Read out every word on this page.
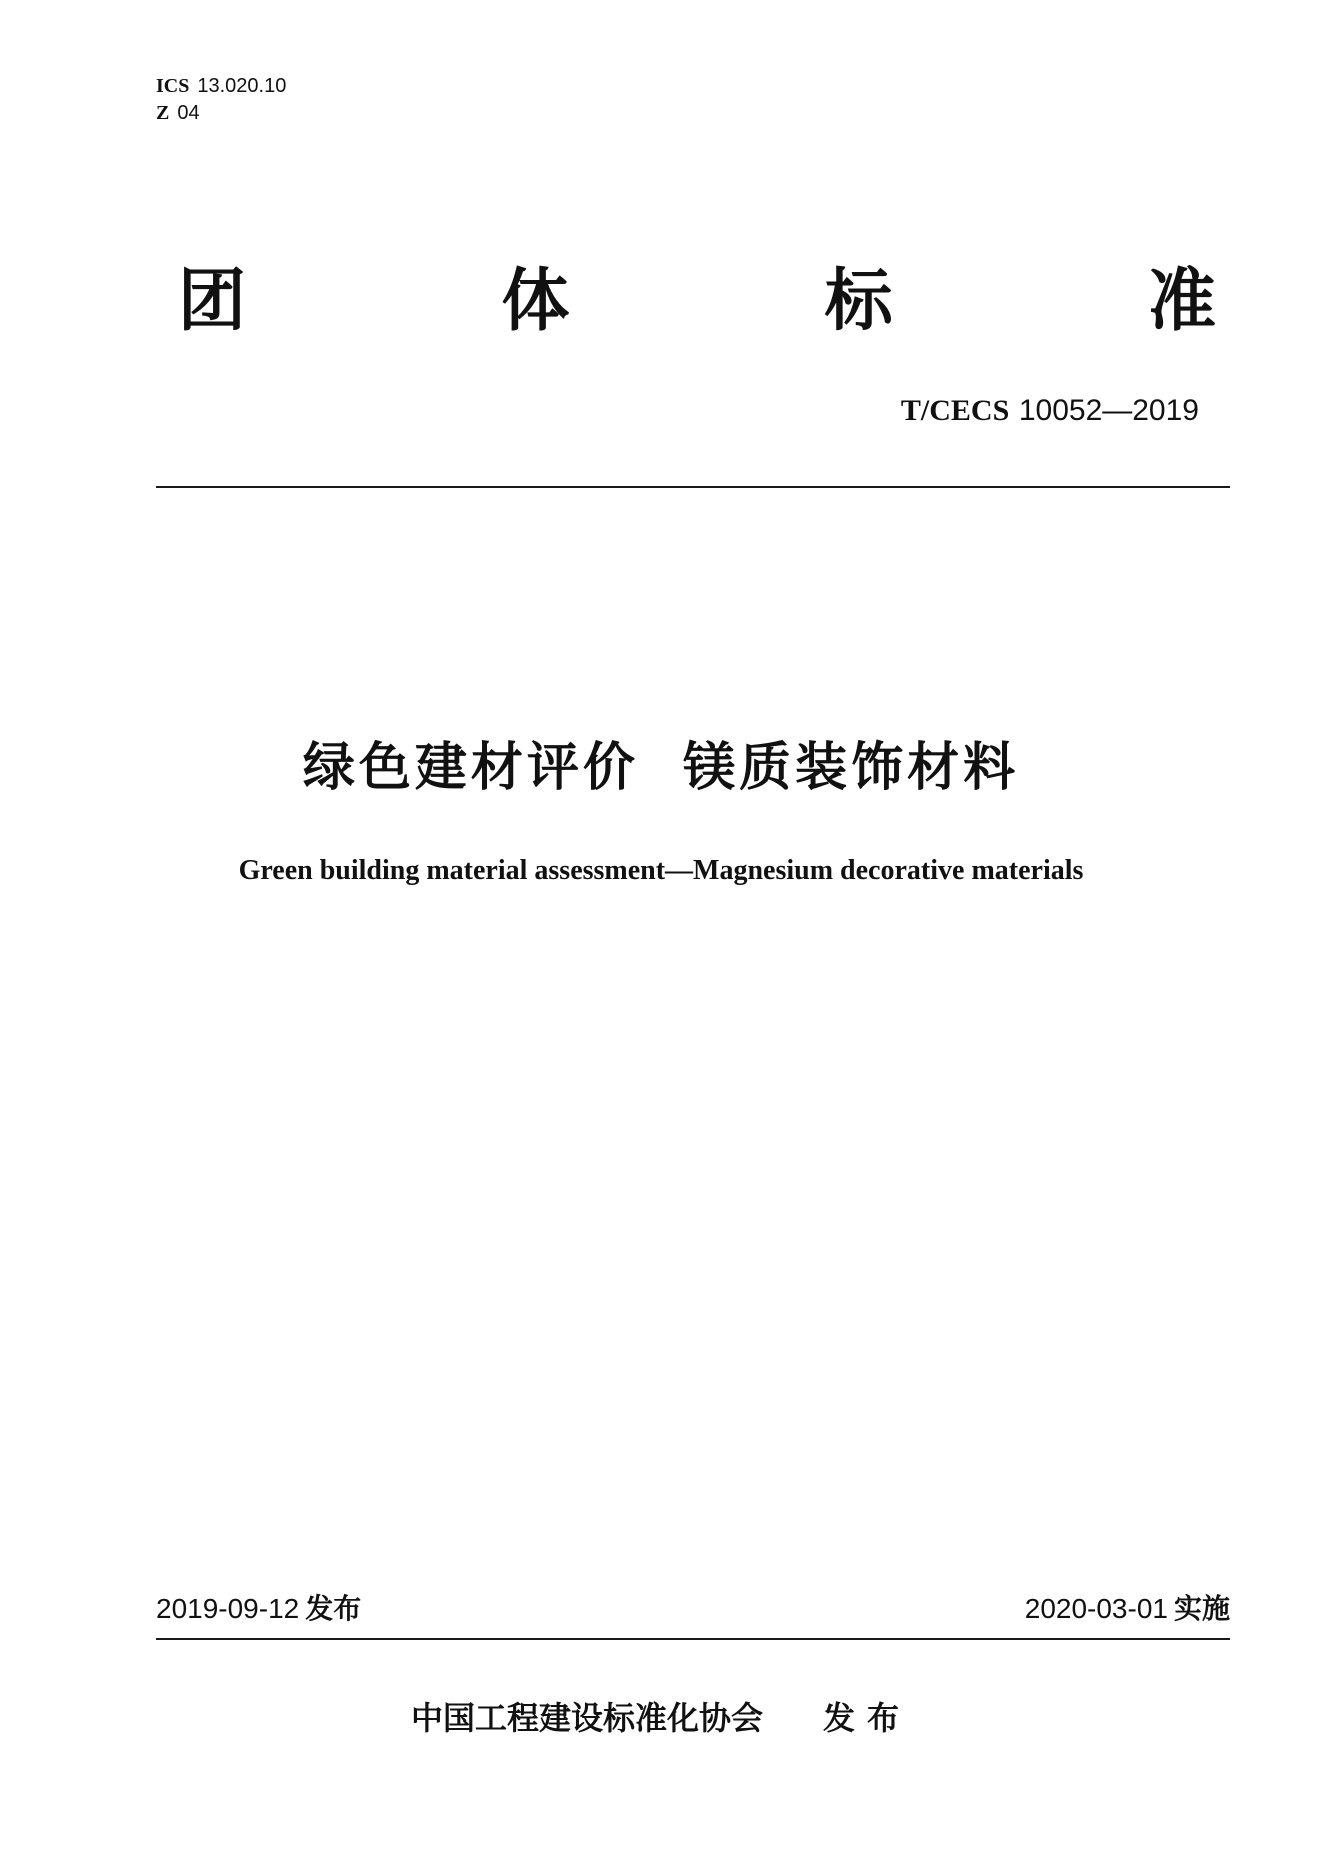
ICS 13.020.10
Z 04
团	体	标	准
T/CECS 10052—2019
绿色建材评价  镁质装饰材料
Green building material assessment—Magnesium decorative materials
2019-09-12 发布	2020-03-01 实施
中国工程建设标准化协会 发布
